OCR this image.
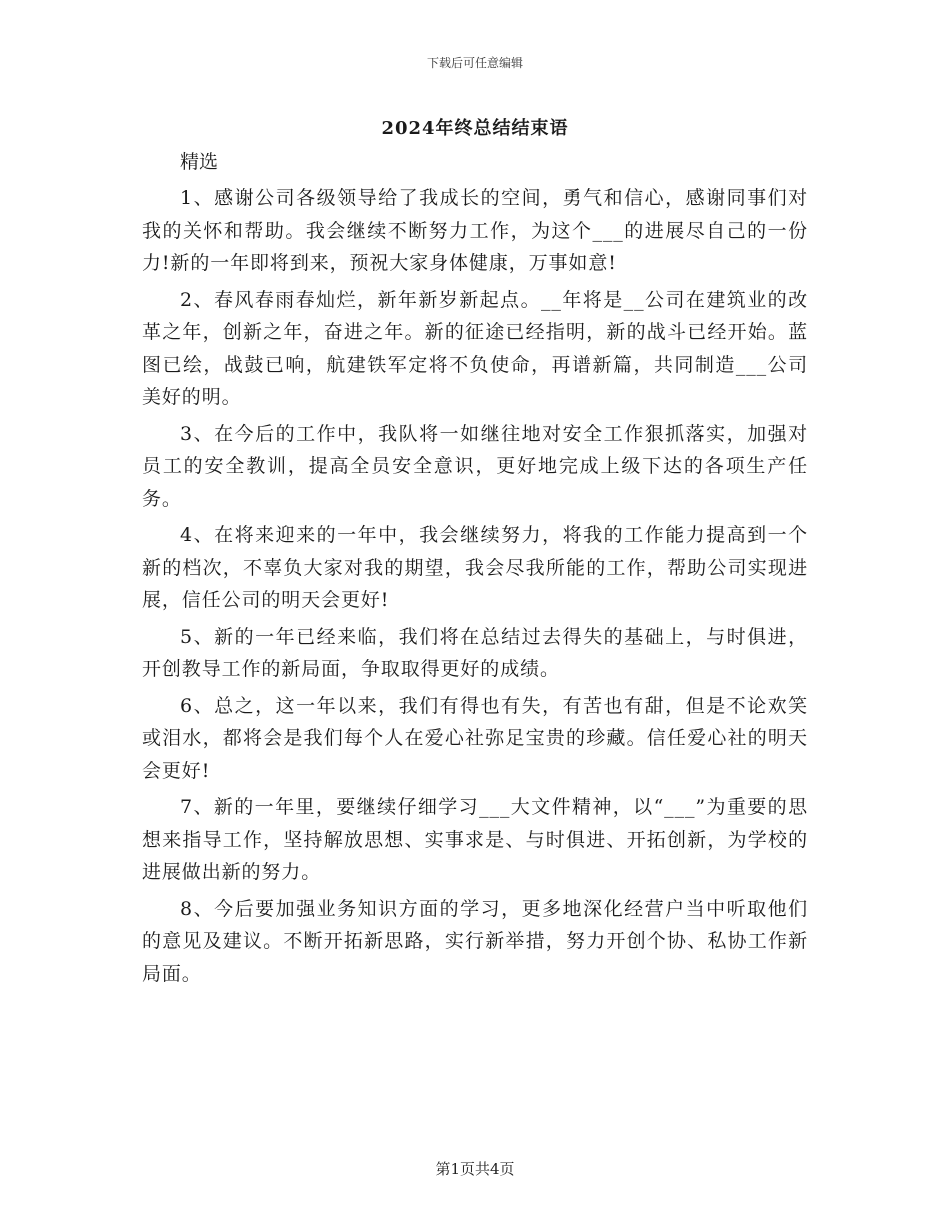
下载后可任意编辑
2024年终总结结束语

精选

1、感谢公司各级领导给了我成长的空间，勇气和信心，感谢同事们对我的关怀和帮助。我会继续不断努力工作，为这个___的进展尽自己的一份力!新的一年即将到来，预祝大家身体健康，万事如意!

2、春风春雨春灿烂，新年新岁新起点。__年将是__公司在建筑业的改革之年，创新之年，奋进之年。新的征途已经指明，新的战斗已经开始。蓝图已绘，战鼓已响，航建铁军定将不负使命，再谱新篇，共同制造___公司美好的明。

3、在今后的工作中，我队将一如继往地对安全工作狠抓落实，加强对员工的安全教训，提高全员安全意识，更好地完成上级下达的各项生产任务。

4、在将来迎来的一年中，我会继续努力，将我的工作能力提高到一个新的档次，不辜负大家对我的期望，我会尽我所能的工作，帮助公司实现进展，信任公司的明天会更好!

5、新的一年已经来临，我们将在总结过去得失的基础上，与时俱进，开创教导工作的新局面，争取取得更好的成绩。

6、总之，这一年以来，我们有得也有失，有苦也有甜，但是不论欢笑或泪水，都将会是我们每个人在爱心社弥足宝贵的珍藏。信任爱心社的明天会更好!

7、新的一年里，要继续仔细学习___大文件精神，以“___”为重要的思想来指导工作，坚持解放思想、实事求是、与时俱进、开拓创新，为学校的进展做出新的努力。

8、今后要加强业务知识方面的学习，更多地深化经营户当中听取他们的意见及建议。不断开拓新思路，实行新举措，努力开创个协、私协工作新局面。

第1页共4页
